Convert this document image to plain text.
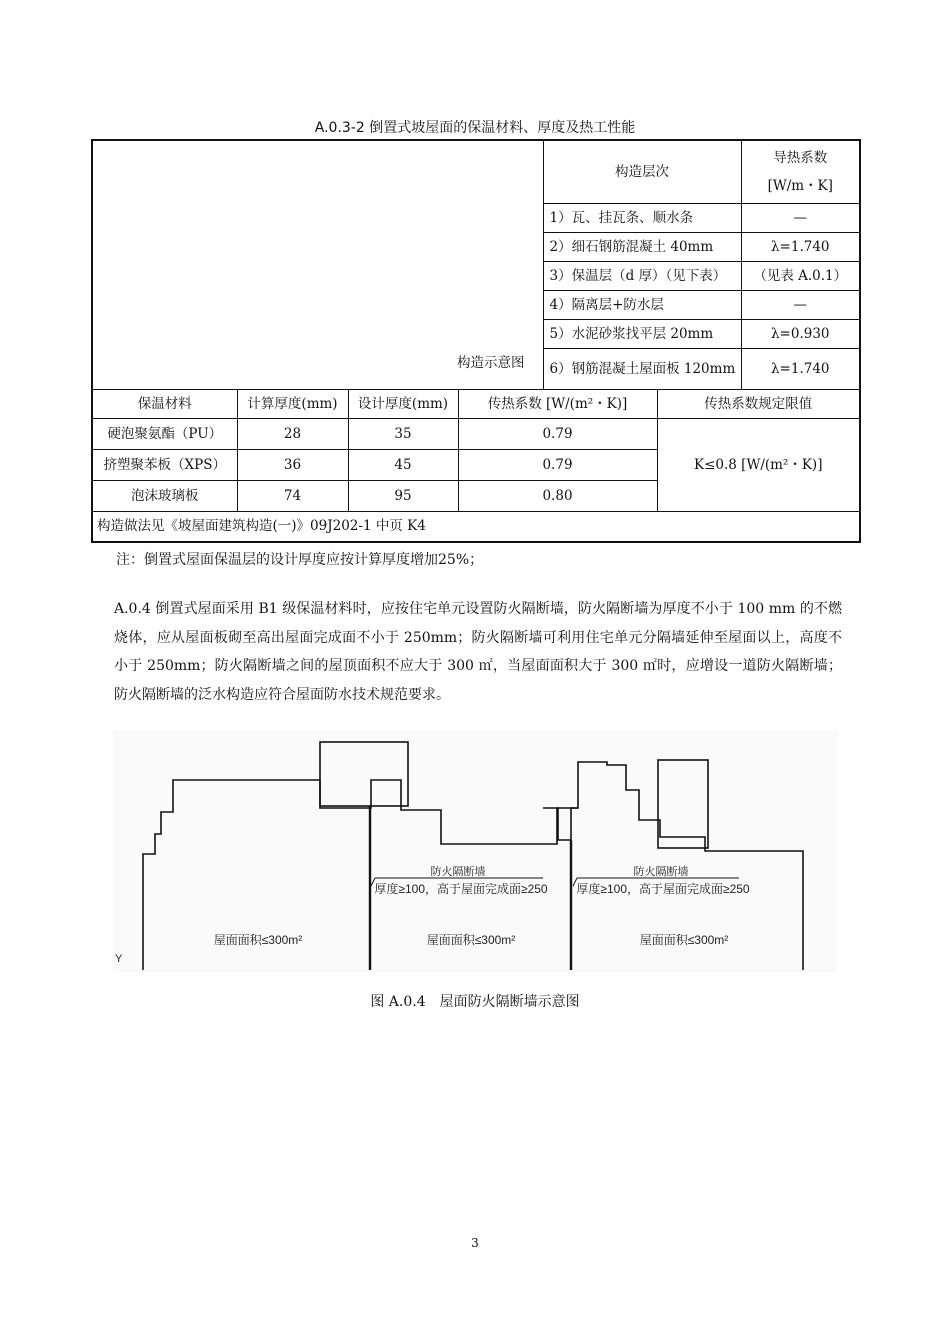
A.0.3-2 倒置式坡屋面的保温材料、厚度及热工性能
构造示意图				构造层次		导热系数
[W/m・K]

				1）瓦、挂瓦条、顺水条		—
				2）细石钢筋混凝土 40mm		λ=1.740
				3）保温层（d 厚）（见下表）		（见表 A.0.1）
				4）隔离层+防水层		—
				5）水泥砂浆找平层 20mm		λ=0.930
				6）钢筋混凝土屋面板 120mm		λ=1.740
保温材料	计算厚度(mm)	设计厚度(mm)	传热系数 [W/(m²・K)]		传热系数规定限值	
硬泡聚氨酯（PU）	28	35	0.79		K≤0.8 [W/(m²・K)]	
挤塑聚苯板（XPS）	36	45	0.79			
泡沫玻璃板	74	95	0.80			
构造做法见《坡屋面建筑构造(一)》09J202-1 中页 K4						
注：倒置式屋面保温层的设计厚度应按计算厚度增加25%；
A.0.4 倒置式屋面采用 B1 级保温材料时，应按住宅单元设置防火隔断墙，防火隔断墙为厚度不小于 100 mm 的不燃烧体，应从屋面板砌至高出屋面完成面不小于 250mm；防火隔断墙可利用住宅单元分隔墙延伸至屋面以上，高度不小于 250mm；防火隔断墙之间的屋顶面积不应大于 300 ㎡，当屋面面积大于 300 ㎡时，应增设一道防火隔断墙；防火隔断墙的泛水构造应符合屋面防水技术规范要求。
防火隔断墙
厚度≥100，高于屋面完成面≥250
防火隔断墙
厚度≥100，高于屋面完成面≥250
屋面面积≤300m²	屋面面积≤300m²	屋面面积≤300m²
Y
图 A.0.4　屋面防火隔断墙示意图
3
